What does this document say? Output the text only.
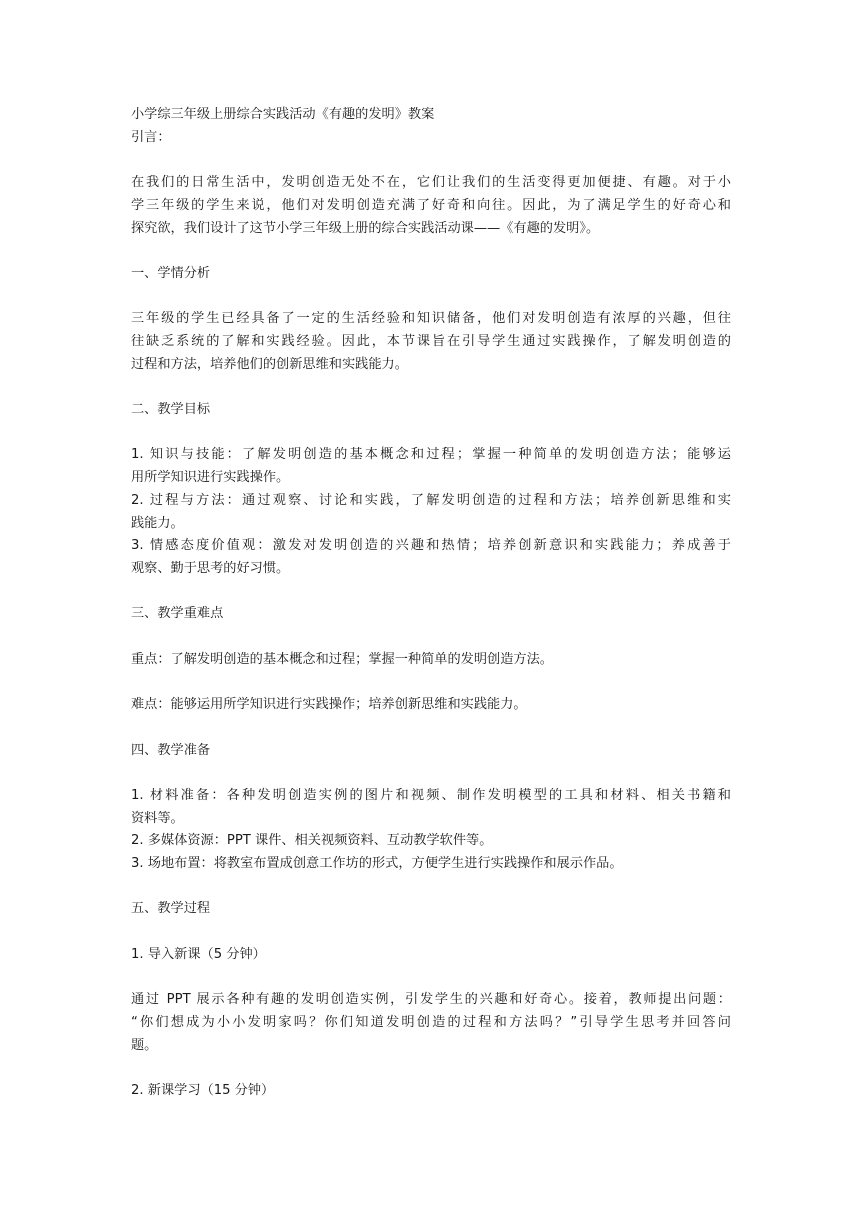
小学综三年级上册综合实践活动《有趣的发明》教案
引言：
在我们的日常生活中，发明创造无处不在，它们让我们的生活变得更加便捷、有趣。对于小
学三年级的学生来说，他们对发明创造充满了好奇和向往。因此，为了满足学生的好奇心和
探究欲，我们设计了这节小学三年级上册的综合实践活动课——《有趣的发明》。
一、学情分析
三年级的学生已经具备了一定的生活经验和知识储备，他们对发明创造有浓厚的兴趣，但往
往缺乏系统的了解和实践经验。因此，本节课旨在引导学生通过实践操作，了解发明创造的
过程和方法，培养他们的创新思维和实践能力。
二、教学目标
1. 知识与技能：了解发明创造的基本概念和过程；掌握一种简单的发明创造方法；能够运
用所学知识进行实践操作。
2. 过程与方法：通过观察、讨论和实践，了解发明创造的过程和方法；培养创新思维和实
践能力。
3. 情感态度价值观：激发对发明创造的兴趣和热情；培养创新意识和实践能力；养成善于
观察、勤于思考的好习惯。
三、教学重难点
重点：了解发明创造的基本概念和过程；掌握一种简单的发明创造方法。
难点：能够运用所学知识进行实践操作；培养创新思维和实践能力。
四、教学准备
1. 材料准备：各种发明创造实例的图片和视频、制作发明模型的工具和材料、相关书籍和
资料等。
2. 多媒体资源：PPT 课件、相关视频资料、互动教学软件等。
3. 场地布置：将教室布置成创意工作坊的形式，方便学生进行实践操作和展示作品。
五、教学过程
1. 导入新课（5 分钟）
通过 PPT 展示各种有趣的发明创造实例，引发学生的兴趣和好奇心。接着，教师提出问题：
“你们想成为小小发明家吗？你们知道发明创造的过程和方法吗？”引导学生思考并回答问
题。
2. 新课学习（15 分钟）
